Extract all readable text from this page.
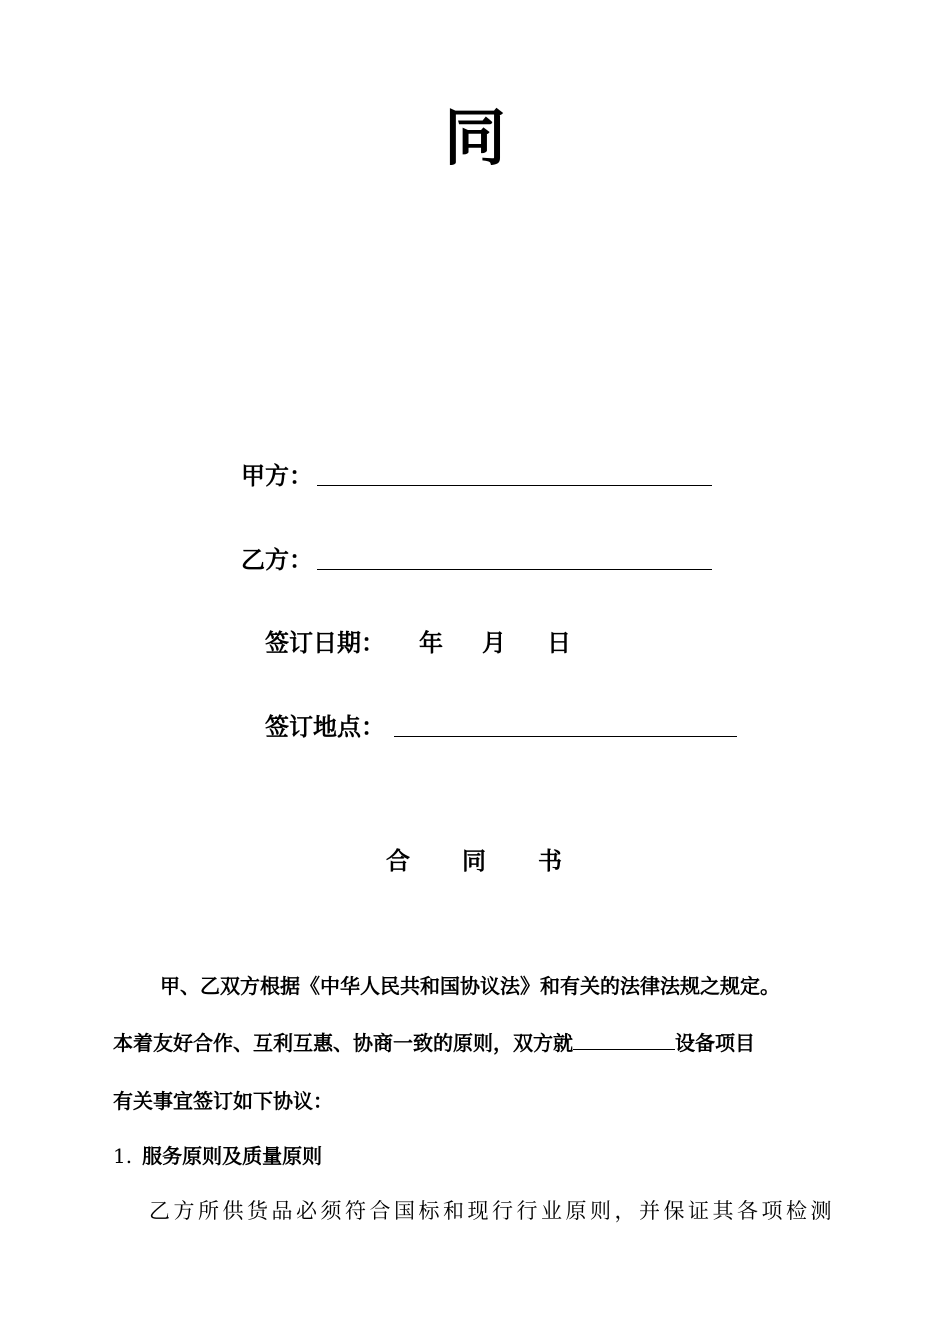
同
甲方：
乙方：
签订日期： 年 月 日
签订地点：
合 同 书
甲、乙双方根据《中华人民共和国协议法》和有关的法律法规之规定。
本着友好合作、互利互惠、协商一致的原则，双方就	设备项目
有关事宜签订如下协议：
1. 服务原则及质量原则
乙方所供货品必须符合国标和现行行业原则，并保证其各项检测
